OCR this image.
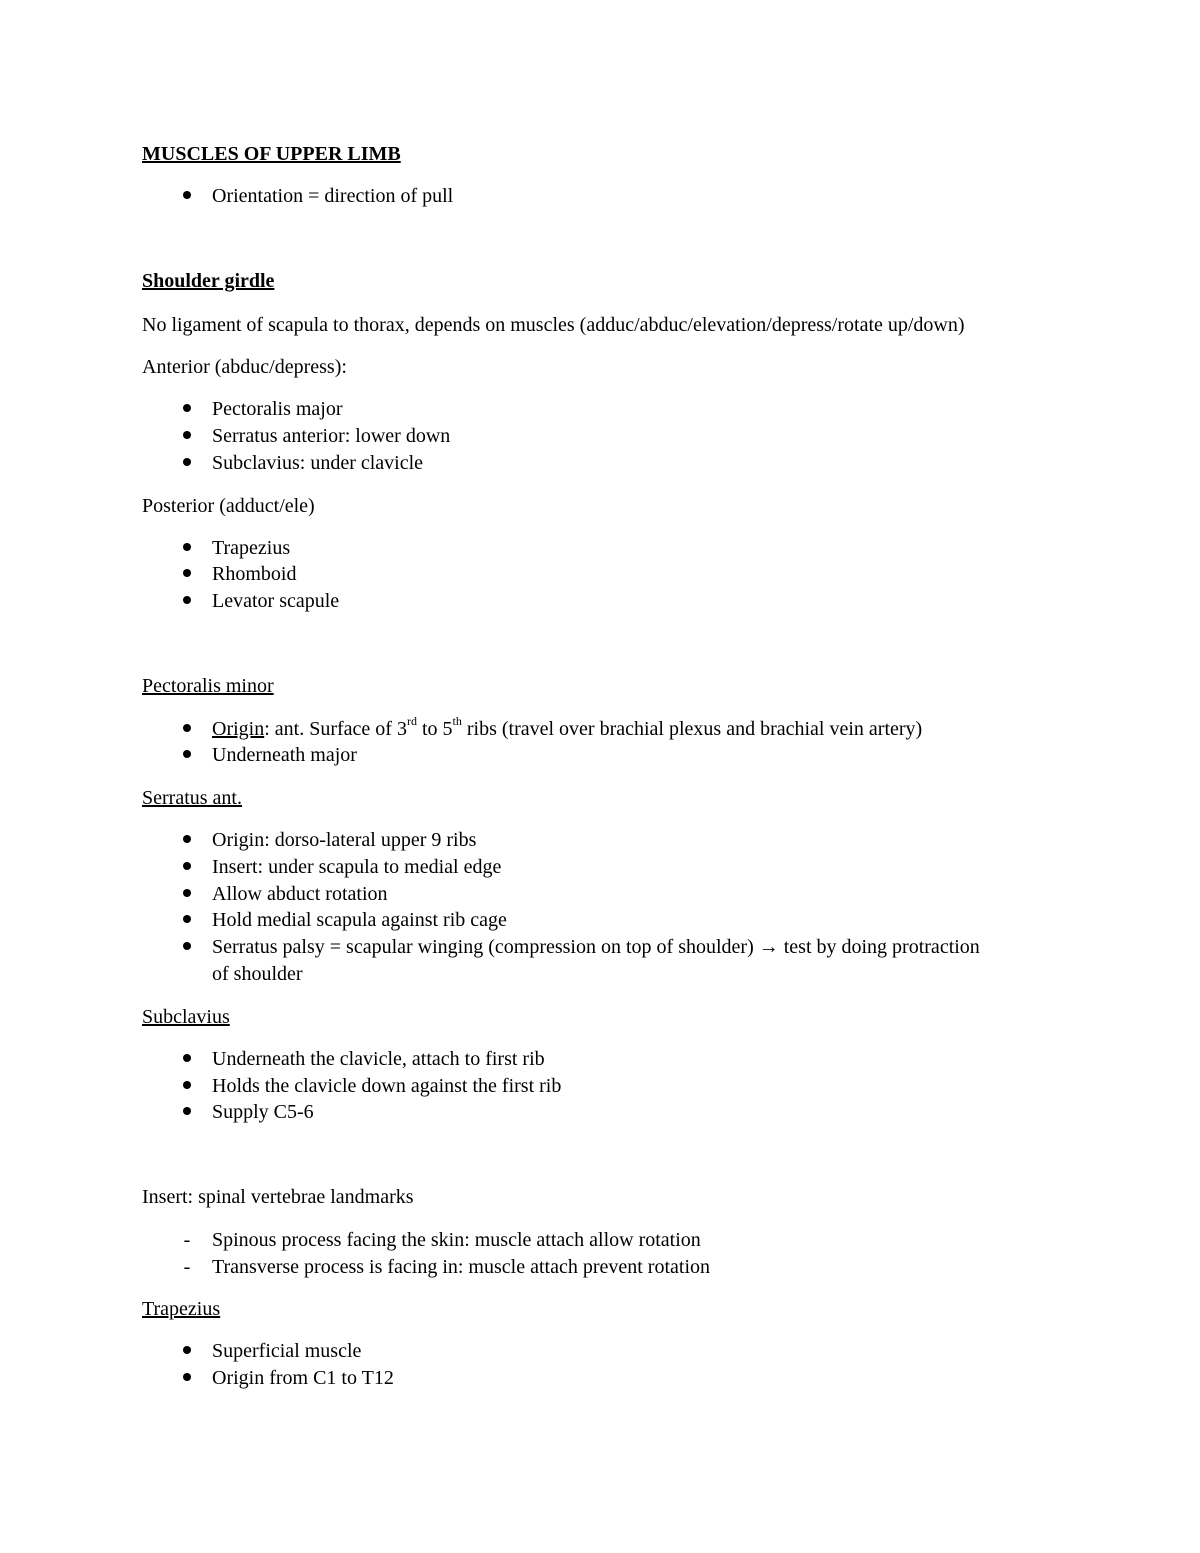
MUSCLES OF UPPER LIMB
Orientation = direction of pull
Shoulder girdle
No ligament of scapula to thorax, depends on muscles (adduc/abduc/elevation/depress/rotate up/down)
Anterior (abduc/depress):
Pectoralis major
Serratus anterior: lower down
Subclavius: under clavicle
Posterior (adduct/ele)
Trapezius
Rhomboid
Levator scapule
Pectoralis minor
Origin: ant. Surface of 3rd to 5th ribs (travel over brachial plexus and brachial vein artery)
Underneath major
Serratus ant.
Origin: dorso-lateral upper 9 ribs
Insert: under scapula to medial edge
Allow abduct rotation
Hold medial scapula against rib cage
Serratus palsy = scapular winging (compression on top of shoulder) → test by doing protraction
of shoulder
Subclavius
Underneath the clavicle, attach to first rib
Holds the clavicle down against the first rib
Supply C5-6
Insert: spinal vertebrae landmarks
-	Spinous process facing the skin: muscle attach allow rotation
-	Transverse process is facing in: muscle attach prevent rotation
Trapezius
Superficial muscle
Origin from C1 to T12
